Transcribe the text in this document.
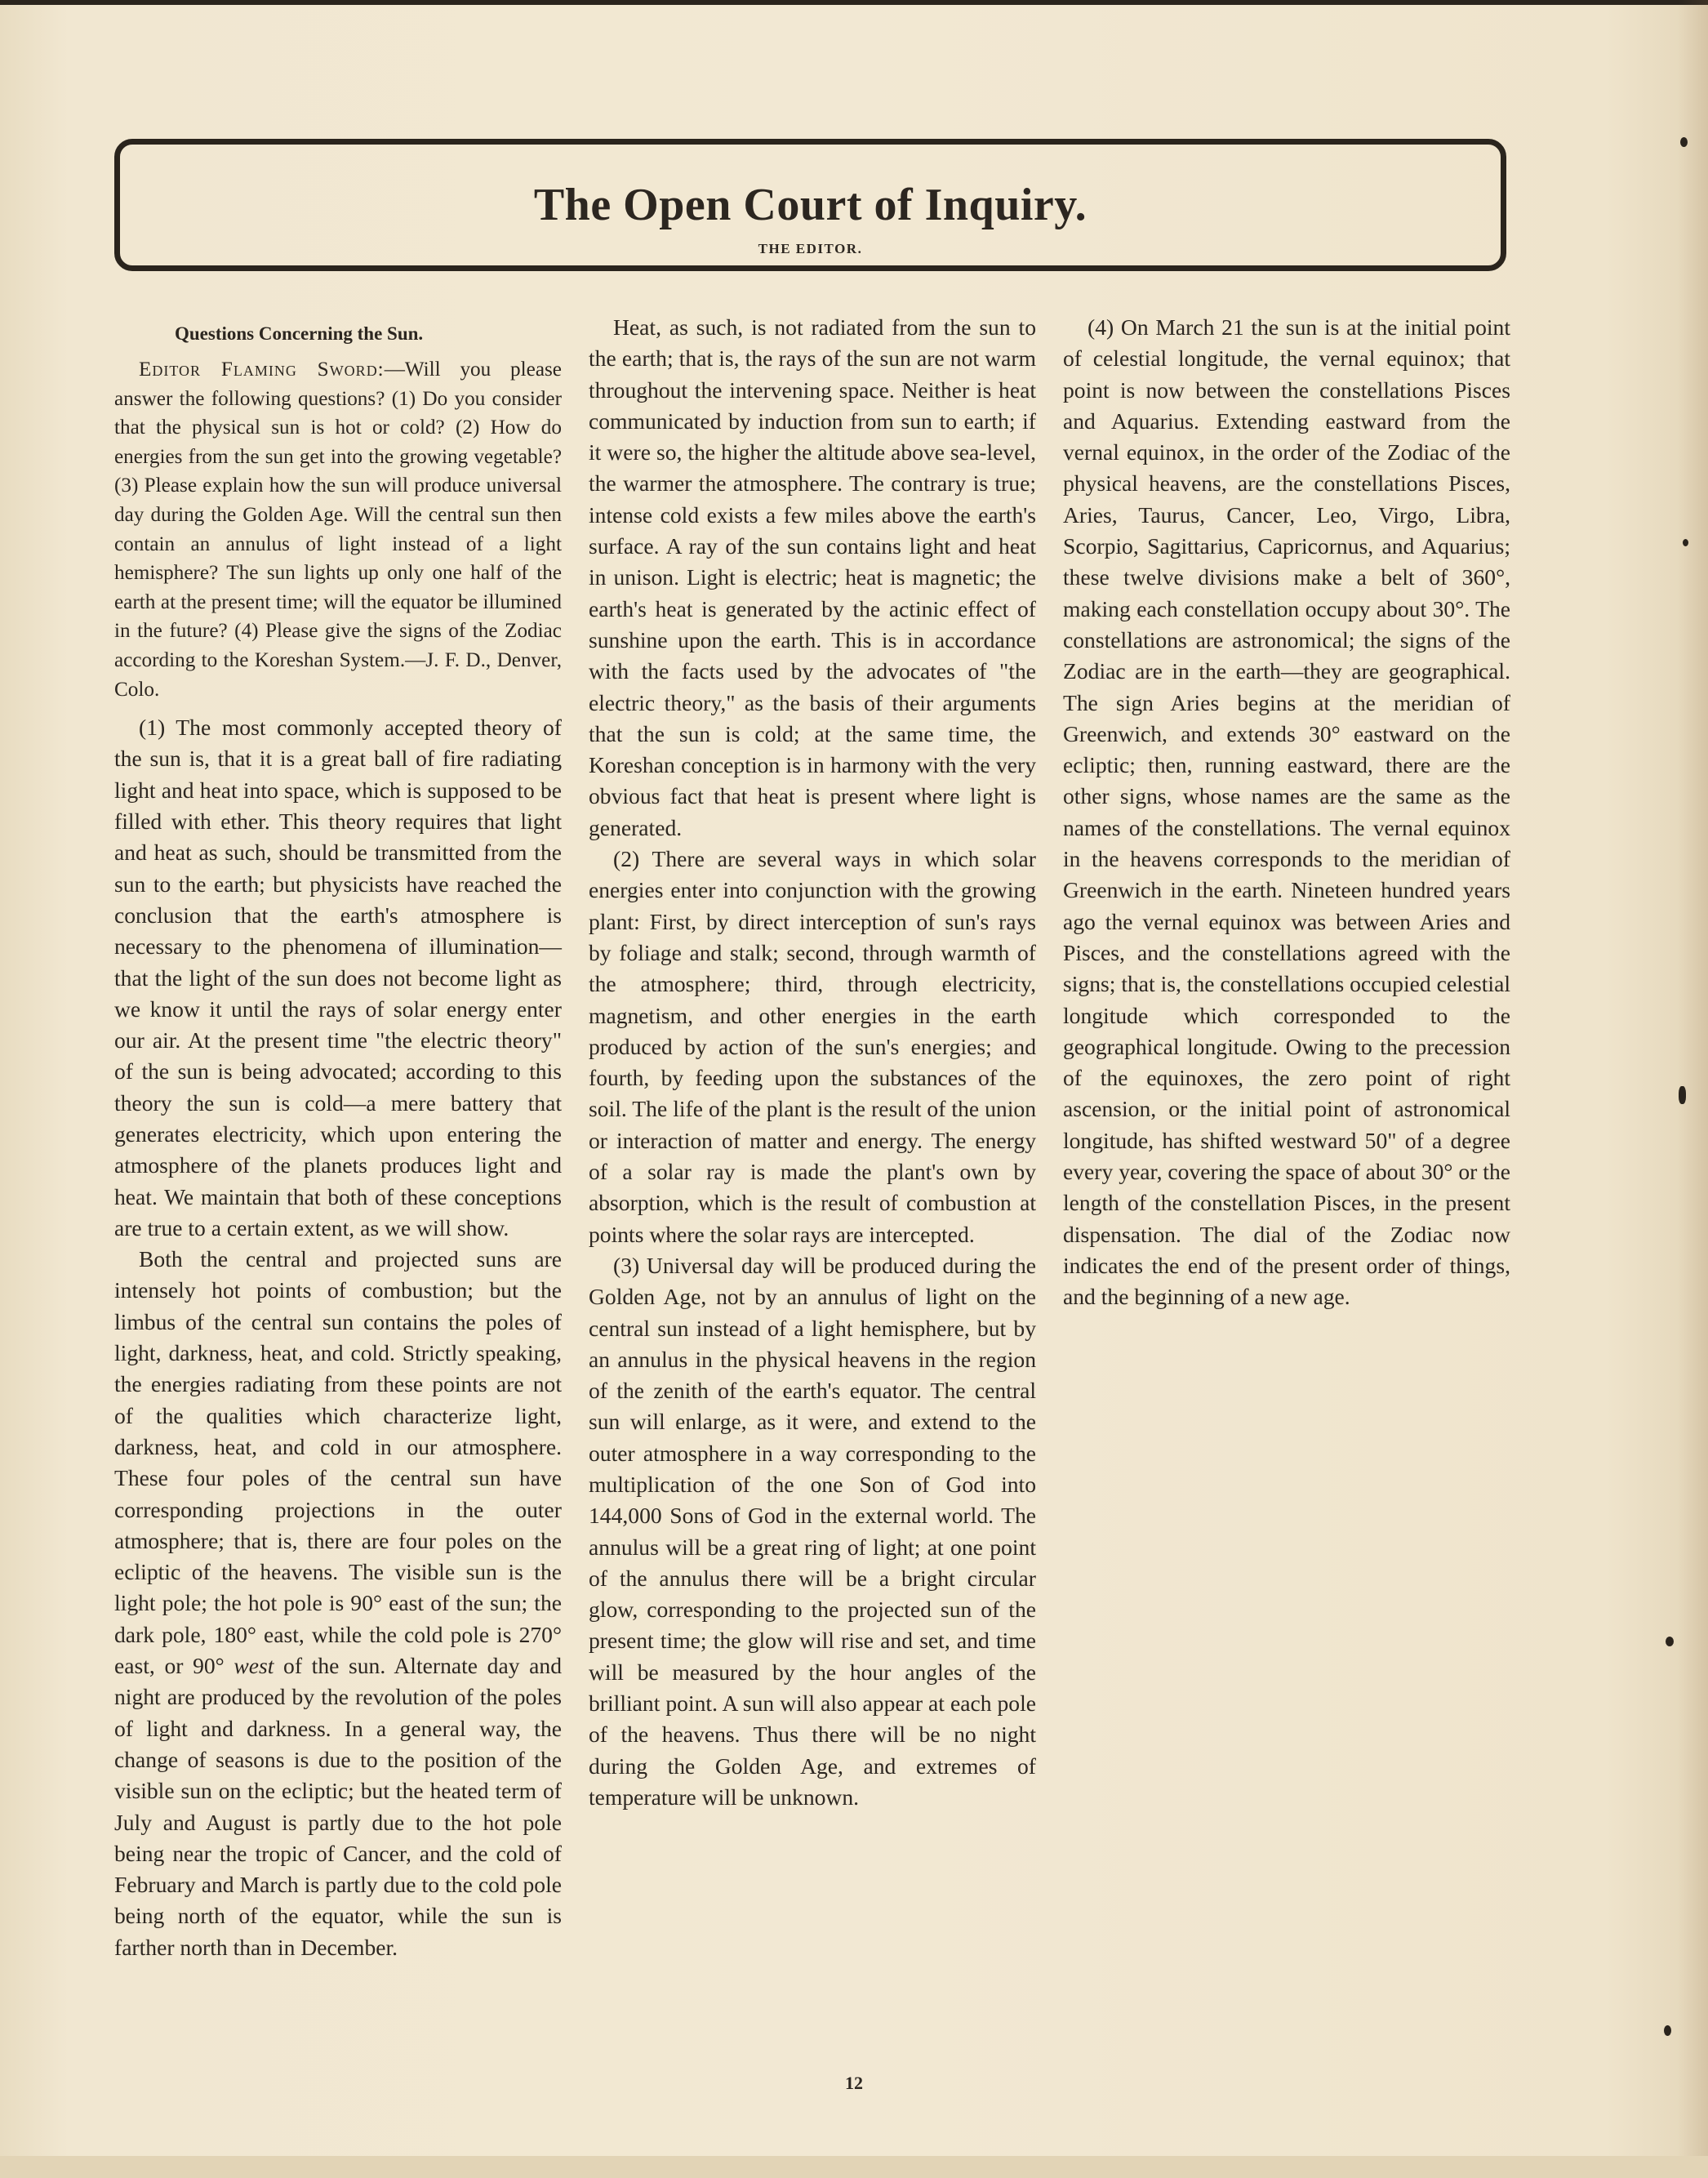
The Open Court of Inquiry.
THE EDITOR.
Questions Concerning the Sun.

Editor Flaming Sword:—Will you please answer the following questions? (1) Do you consider that the physical sun is hot or cold? (2) How do energies from the sun get into the growing vegetable? (3) Please explain how the sun will produce universal day during the Golden Age. Will the central sun then contain an annulus of light instead of a light hemisphere? The sun lights up only one half of the earth at the present time; will the equator be illumined in the future? (4) Please give the signs of the Zodiac according to the Koreshan System.—J. F. D., Denver, Colo.

(1) The most commonly accepted theory of the sun is, that it is a great ball of fire radiating light and heat into space, which is supposed to be filled with ether. This theory requires that light and heat as such, should be transmitted from the sun to the earth; but physicists have reached the conclusion that the earth's atmosphere is necessary to the phenomena of illumination—that the light of the sun does not become light as we know it until the rays of solar energy enter our air. At the present time "the electric theory" of the sun is being advocated; according to this theory the sun is cold—a mere battery that generates electricity, which upon entering the atmosphere of the planets produces light and heat. We maintain that both of these conceptions are true to a certain extent, as we will show.

Both the central and projected suns are intensely hot points of combustion; but the limbus of the central sun contains the poles of light, darkness, heat, and cold. Strictly speaking, the energies radiating from these points are not of the qualities which characterize light, darkness, heat, and cold in our atmosphere. These four poles of the central sun have corresponding projections in the outer atmosphere; that is, there are four poles on the ecliptic of the heavens. The visible sun is the light pole; the hot pole is 90° east of the sun; the dark pole, 180° east, while the cold pole is 270° east, or 90° west of the sun. Alternate day and night are produced by the revolution of the poles of light and darkness. In a general way, the change of seasons is due to the position of the visible sun on the ecliptic; but the heated term of July and August is partly due to the hot pole being near the tropic of Cancer, and the cold of February and March is partly due to the cold pole being north of the equator, while the sun is farther north than in December.

Heat, as such, is not radiated from the sun to the earth; that is, the rays of the sun are not warm throughout the intervening space. Neither is heat communicated by induction from sun to earth; if it were so, the higher the altitude above sea-level, the warmer the atmosphere. The contrary is true; intense cold exists a few miles above the earth's surface. A ray of the sun contains light and heat in unison. Light is electric; heat is magnetic; the earth's heat is generated by the actinic effect of sunshine upon the earth. This is in accordance with the facts used by the advocates of "the electric theory," as the basis of their arguments that the sun is cold; at the same time, the Koreshan conception is in harmony with the very obvious fact that heat is present where light is generated.

(2) There are several ways in which solar energies enter into conjunction with the growing plant: First, by direct interception of sun's rays by foliage and stalk; second, through warmth of the atmosphere; third, through electricity, magnetism, and other energies in the earth produced by action of the sun's energies; and fourth, by feeding upon the substances of the soil. The life of the plant is the result of the union or interaction of matter and energy. The energy of a solar ray is made the plant's own by absorption, which is the result of combustion at points where the solar rays are intercepted.

(3) Universal day will be produced during the Golden Age, not by an annulus of light on the central sun instead of a light hemisphere, but by an annulus in the physical heavens in the region of the zenith of the earth's equator. The central sun will enlarge, as it were, and extend to the outer atmosphere in a way corresponding to the multiplication of the one Son of God into 144,000 Sons of God in the external world. The annulus will be a great ring of light; at one point of the annulus there will be a bright circular glow, corresponding to the projected sun of the present time; the glow will rise and set, and time will be measured by the hour angles of the brilliant point. A sun will also appear at each pole of the heavens. Thus there will be no night during the Golden Age, and extremes of temperature will be unknown.

(4) On March 21 the sun is at the initial point of celestial longitude, the vernal equinox; that point is now between the constellations Pisces and Aquarius. Extending eastward from the vernal equinox, in the order of the Zodiac of the physical heavens, are the constellations Pisces, Aries, Taurus, Cancer, Leo, Virgo, Libra, Scorpio, Sagittarius, Capricornus, and Aquarius; these twelve divisions make a belt of 360°, making each constellation occupy about 30°. The constellations are astronomical; the signs of the Zodiac are in the earth—they are geographical. The sign Aries begins at the meridian of Greenwich, and extends 30° eastward on the ecliptic; then, running eastward, there are the other signs, whose names are the same as the names of the constellations. The vernal equinox in the heavens corresponds to the meridian of Greenwich in the earth. Nineteen hundred years ago the vernal equinox was between Aries and Pisces, and the constellations agreed with the signs; that is, the constellations occupied celestial longitude which corresponded to the geographical longitude. Owing to the precession of the equinoxes, the zero point of right ascension, or the initial point of astronomical longitude, has shifted westward 50" of a degree every year, covering the space of about 30° or the length of the constellation Pisces, in the present dispensation. The dial of the Zodiac now indicates the end of the present order of things, and the beginning of a new age.

12
